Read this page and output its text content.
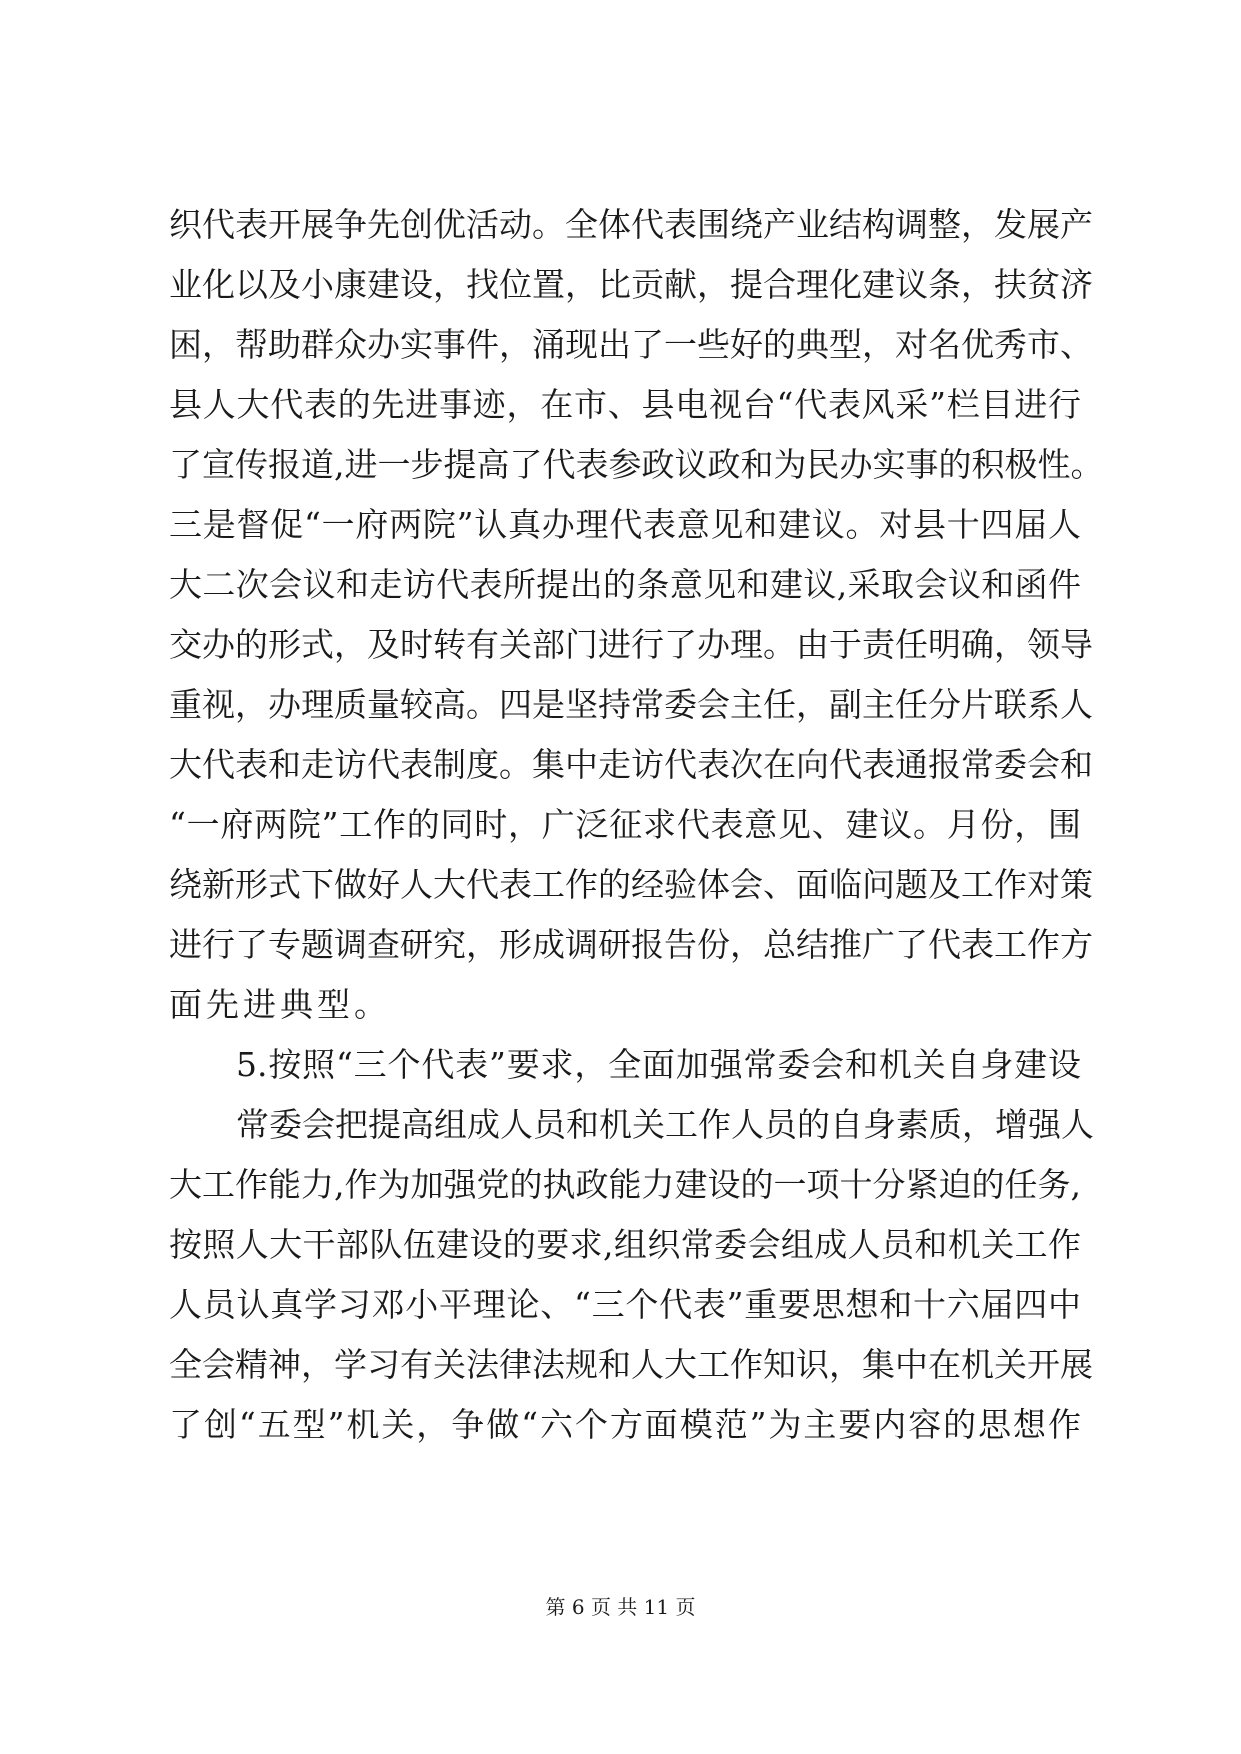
织代表开展争先创优活动。全体代表围绕产业结构调整，发展产
业化以及小康建设，找位置，比贡献，提合理化建议条，扶贫济
困，帮助群众办实事件，涌现出了一些好的典型，对名优秀市、
县人大代表的先进事迹，在市、县电视台“代表风采”栏目进行
了宣传报道,进一步提高了代表参政议政和为民办实事的积极性。
三是督促“一府两院”认真办理代表意见和建议。对县十四届人
大二次会议和走访代表所提出的条意见和建议,采取会议和函件
交办的形式，及时转有关部门进行了办理。由于责任明确，领导
重视，办理质量较高。四是坚持常委会主任，副主任分片联系人
大代表和走访代表制度。集中走访代表次在向代表通报常委会和
“一府两院”工作的同时，广泛征求代表意见、建议。月份，围
绕新形式下做好人大代表工作的经验体会、面临问题及工作对策
进行了专题调查研究，形成调研报告份，总结推广了代表工作方
面先进典型。
5.按照“三个代表”要求，全面加强常委会和机关自身建设
常委会把提高组成人员和机关工作人员的自身素质，增强人
大工作能力,作为加强党的执政能力建设的一项十分紧迫的任务,
按照人大干部队伍建设的要求,组织常委会组成人员和机关工作
人员认真学习邓小平理论、“三个代表”重要思想和十六届四中
全会精神，学习有关法律法规和人大工作知识，集中在机关开展
了创“五型”机关，争做“六个方面模范”为主要内容的思想作
第 6 页 共 11 页
